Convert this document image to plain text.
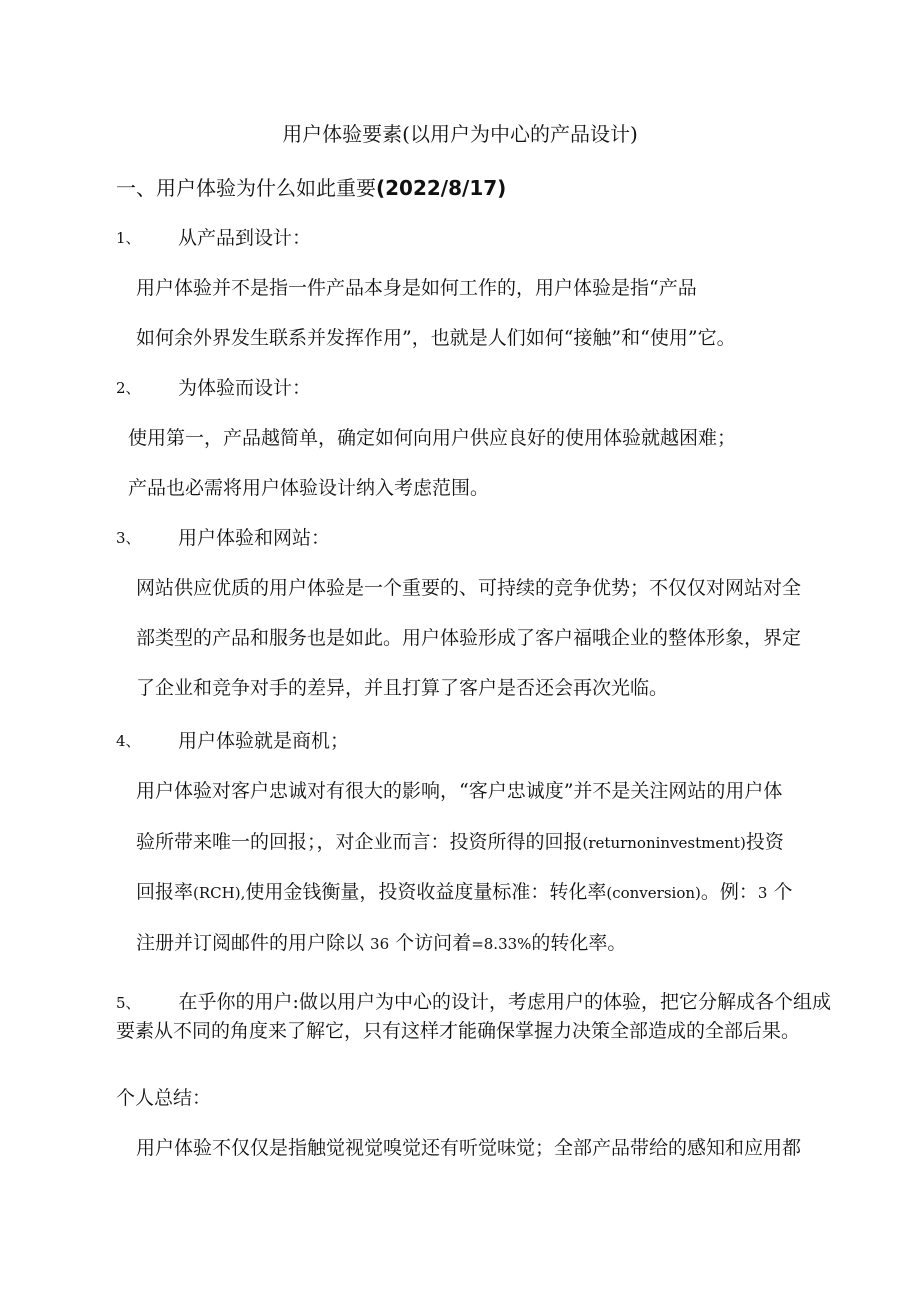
用户体验要素(以用户为中心的产品设计)
一、用户体验为什么如此重要(2022/8/17)
1、 从产品到设计：
用户体验并不是指一件产品本身是如何工作的，用户体验是指“产品
如何余外界发生联系并发挥作用”，也就是人们如何“接触”和“使用”它。
2、 为体验而设计：
使用第一，产品越简单，确定如何向用户供应良好的使用体验就越困难；
产品也必需将用户体验设计纳入考虑范围。
3、 用户体验和网站：
网站供应优质的用户体验是一个重要的、可持续的竞争优势；不仅仅对网站对全
部类型的产品和服务也是如此。用户体验形成了客户福哦企业的整体形象，界定
了企业和竞争对手的差异，并且打算了客户是否还会再次光临。
4、 用户体验就是商机；
用户体验对客户忠诚对有很大的影响，“客户忠诚度”并不是关注网站的用户体
验所带来唯一的回报；，对企业而言：投资所得的回报(returnoninvestment)投资
回报率(RCH),使用金钱衡量，投资收益度量标准：转化率(conversion)。例：3 个
注册并订阅邮件的用户除以 36 个访问着=8.33%的转化率。
5、 在乎你的用户:做以用户为中心的设计，考虑用户的体验，把它分解成各个组成要素从不同的角度来了解它，只有这样才能确保掌握力决策全部造成的全部后果。
个人总结：
用户体验不仅仅是指触觉视觉嗅觉还有听觉味觉；全部产品带给的感知和应用都
